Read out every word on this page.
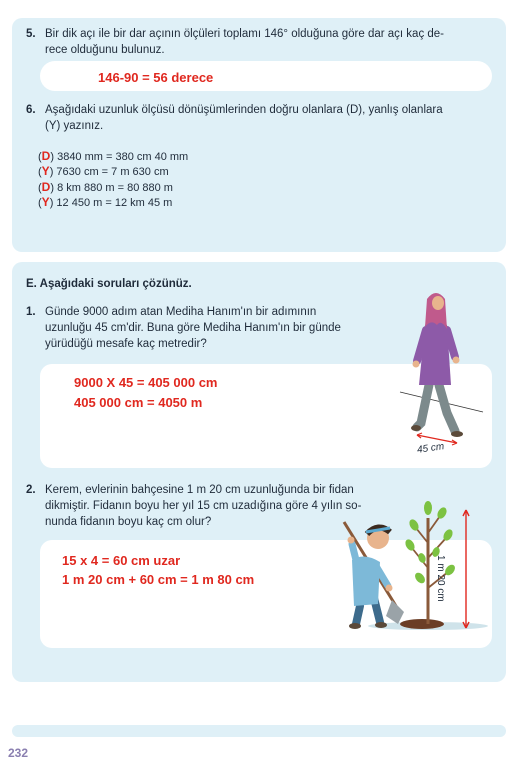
5. Bir dik açı ile bir dar açının ölçüleri toplamı 146° olduğuna göre dar açı kaç de-
rece olduğunu bulunuz.
146-90 = 56 derece
6. Aşağıdaki uzunluk ölçüsü dönüşümlerinden doğru olanlara (D), yanlış olanlara
(Y) yazınız.
(D) 3840 mm = 380 cm 40 mm
(Y) 7630 cm = 7 m 630 cm
(D) 8 km 880 m = 80 880 m
(Y) 12 450 m = 12 km 45 m
E. Aşağıdaki soruları çözünüz.
1. Günde 9000 adım atan Mediha Hanım'ın bir adımının
uzunluğu 45 cm'dir. Buna göre Mediha Hanım'ın bir günde
yürüdüğü mesafe kaç metredir?
9000 X 45 = 405 000 cm
405 000 cm = 4050 m
45 cm
2. Kerem, evlerinin bahçesine 1 m 20 cm uzunluğunda bir fidan
dikmiştir. Fidanın boyu her yıl 15 cm uzadığına göre 4 yılın so-
nunda fidanın boyu kaç cm olur?
15 x 4 = 60 cm uzar
1 m 20 cm + 60 cm = 1 m 80 cm	1 m 20 cm
232
